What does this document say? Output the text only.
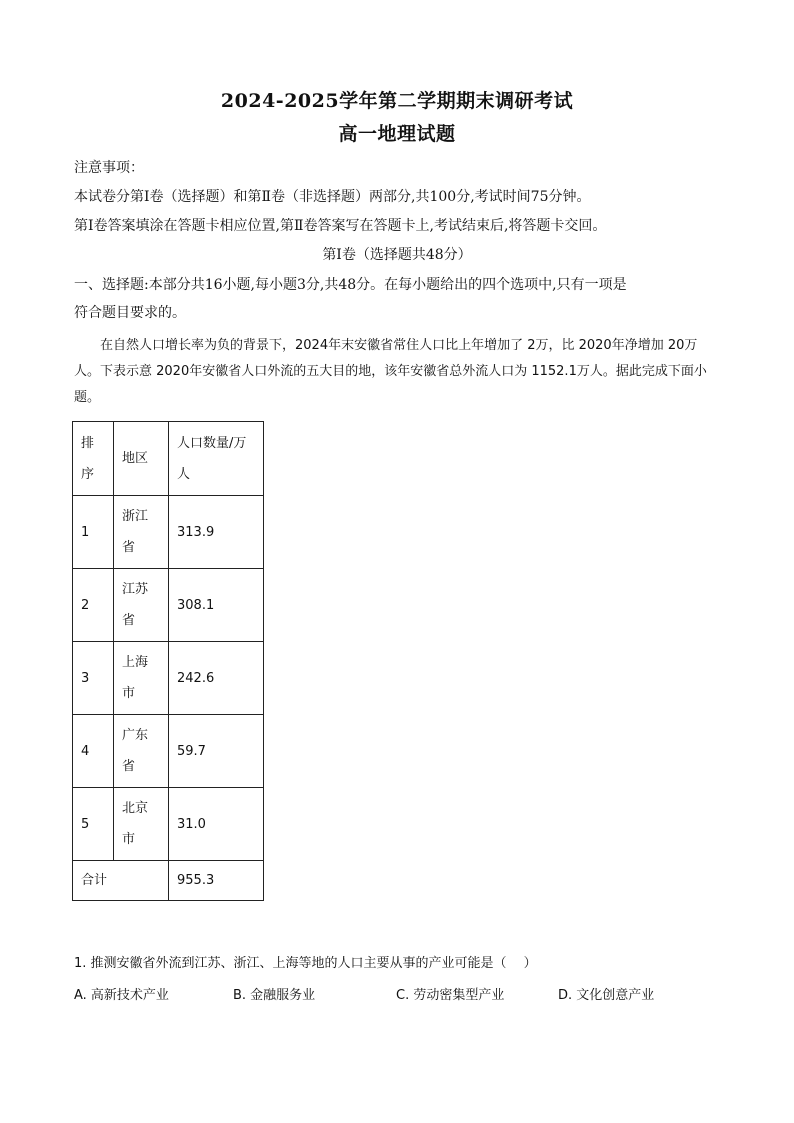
2024-2025学年第二学期期末调研考试
高一地理试题
注意事项：
本试卷分第Ⅰ卷（选择题）和第Ⅱ卷（非选择题）两部分,共100分,考试时间75分钟。
第Ⅰ卷答案填涂在答题卡相应位置,第Ⅱ卷答案写在答题卡上,考试结束后,将答题卡交回。
第Ⅰ卷（选择题共48分）
一、选择题:本部分共16小题,每小题3分,共48分。在每小题给出的四个选项中,只有一项是
符合题目要求的。
在自然人口增长率为负的背景下，2024年末安徽省常住人口比上年增加了 2万，比 2020年净增加 20万人。下表示意 2020年安徽省人口外流的五大目的地，该年安徽省总外流人口为 1152.1万人。据此完成下面小题。
排序	地区	人口数量/万人
1	浙江省	313.9
2	江苏省	308.1
3	上海市	242.6
4	广东省	59.7
5	北京市	31.0
合计		955.3
1. 推测安徽省外流到江苏、浙江、上海等地的人口主要从事的产业可能是（　 ）
A. 高新技术产业	B. 金融服务业	C. 劳动密集型产业	D. 文化创意产业
